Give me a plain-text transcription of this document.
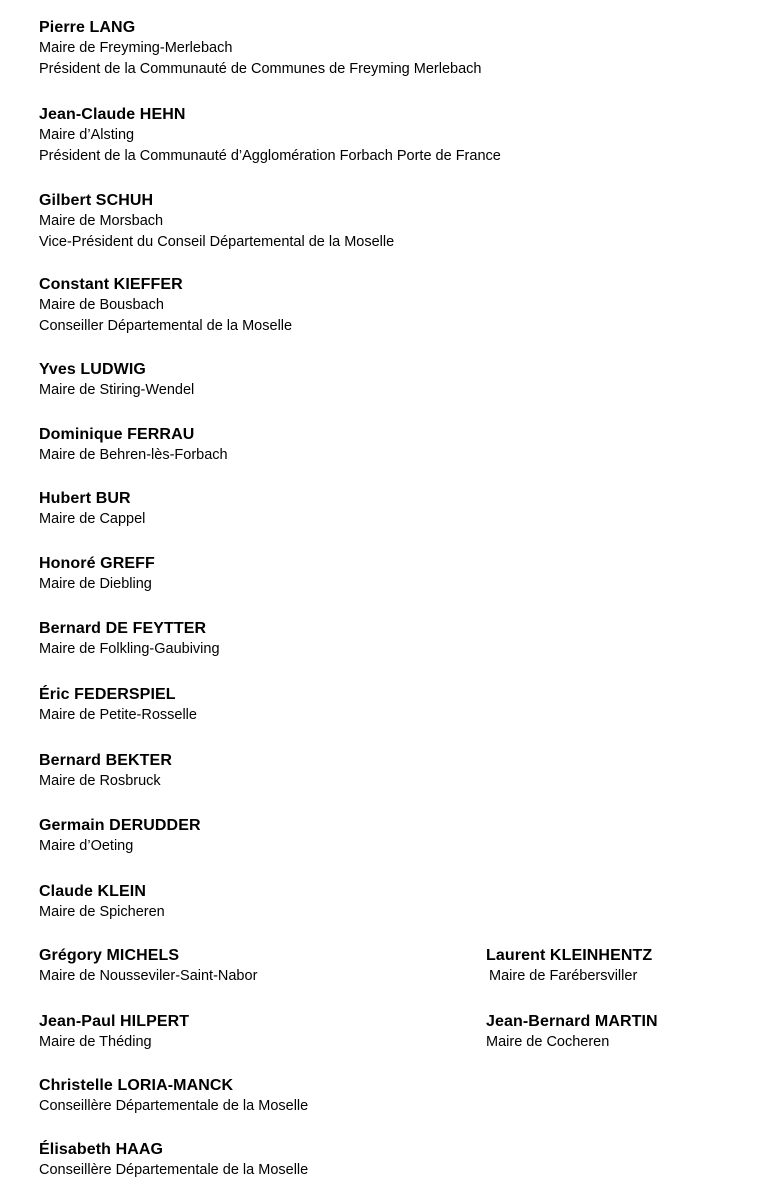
Pierre LANG
Maire de Freyming-Merlebach
Président de la Communauté de Communes de Freyming Merlebach
Jean-Claude HEHN
Maire d’Alsting
Président de la Communauté d’Agglomération Forbach Porte de France
Gilbert SCHUH
Maire de Morsbach
Vice-Président du Conseil Départemental de la Moselle
Constant KIEFFER
Maire de Bousbach
Conseiller Départemental de la Moselle
Yves LUDWIG
Maire de Stiring-Wendel
Dominique FERRAU
Maire de Behren-lès-Forbach
Hubert BUR
Maire de Cappel
Honoré GREFF
Maire de Diebling
Bernard DE FEYTTER
Maire de Folkling-Gaubiving
Éric FEDERSPIEL
Maire de Petite-Rosselle
Bernard BEKTER
Maire de Rosbruck
Germain DERUDDER
Maire d’Oeting
Claude KLEIN
Maire de Spicheren
Grégory MICHELS
Maire de Nousseviler-Saint-Nabor
Laurent KLEINHENTZ
Maire de Farébersviller
Jean-Paul HILPERT
Maire de Théding
Jean-Bernard MARTIN
Maire de Cocheren
Christelle LORIA-MANCK
Conseillère Départementale de la Moselle
Élisabeth HAAG
Conseillère Départementale de la Moselle
